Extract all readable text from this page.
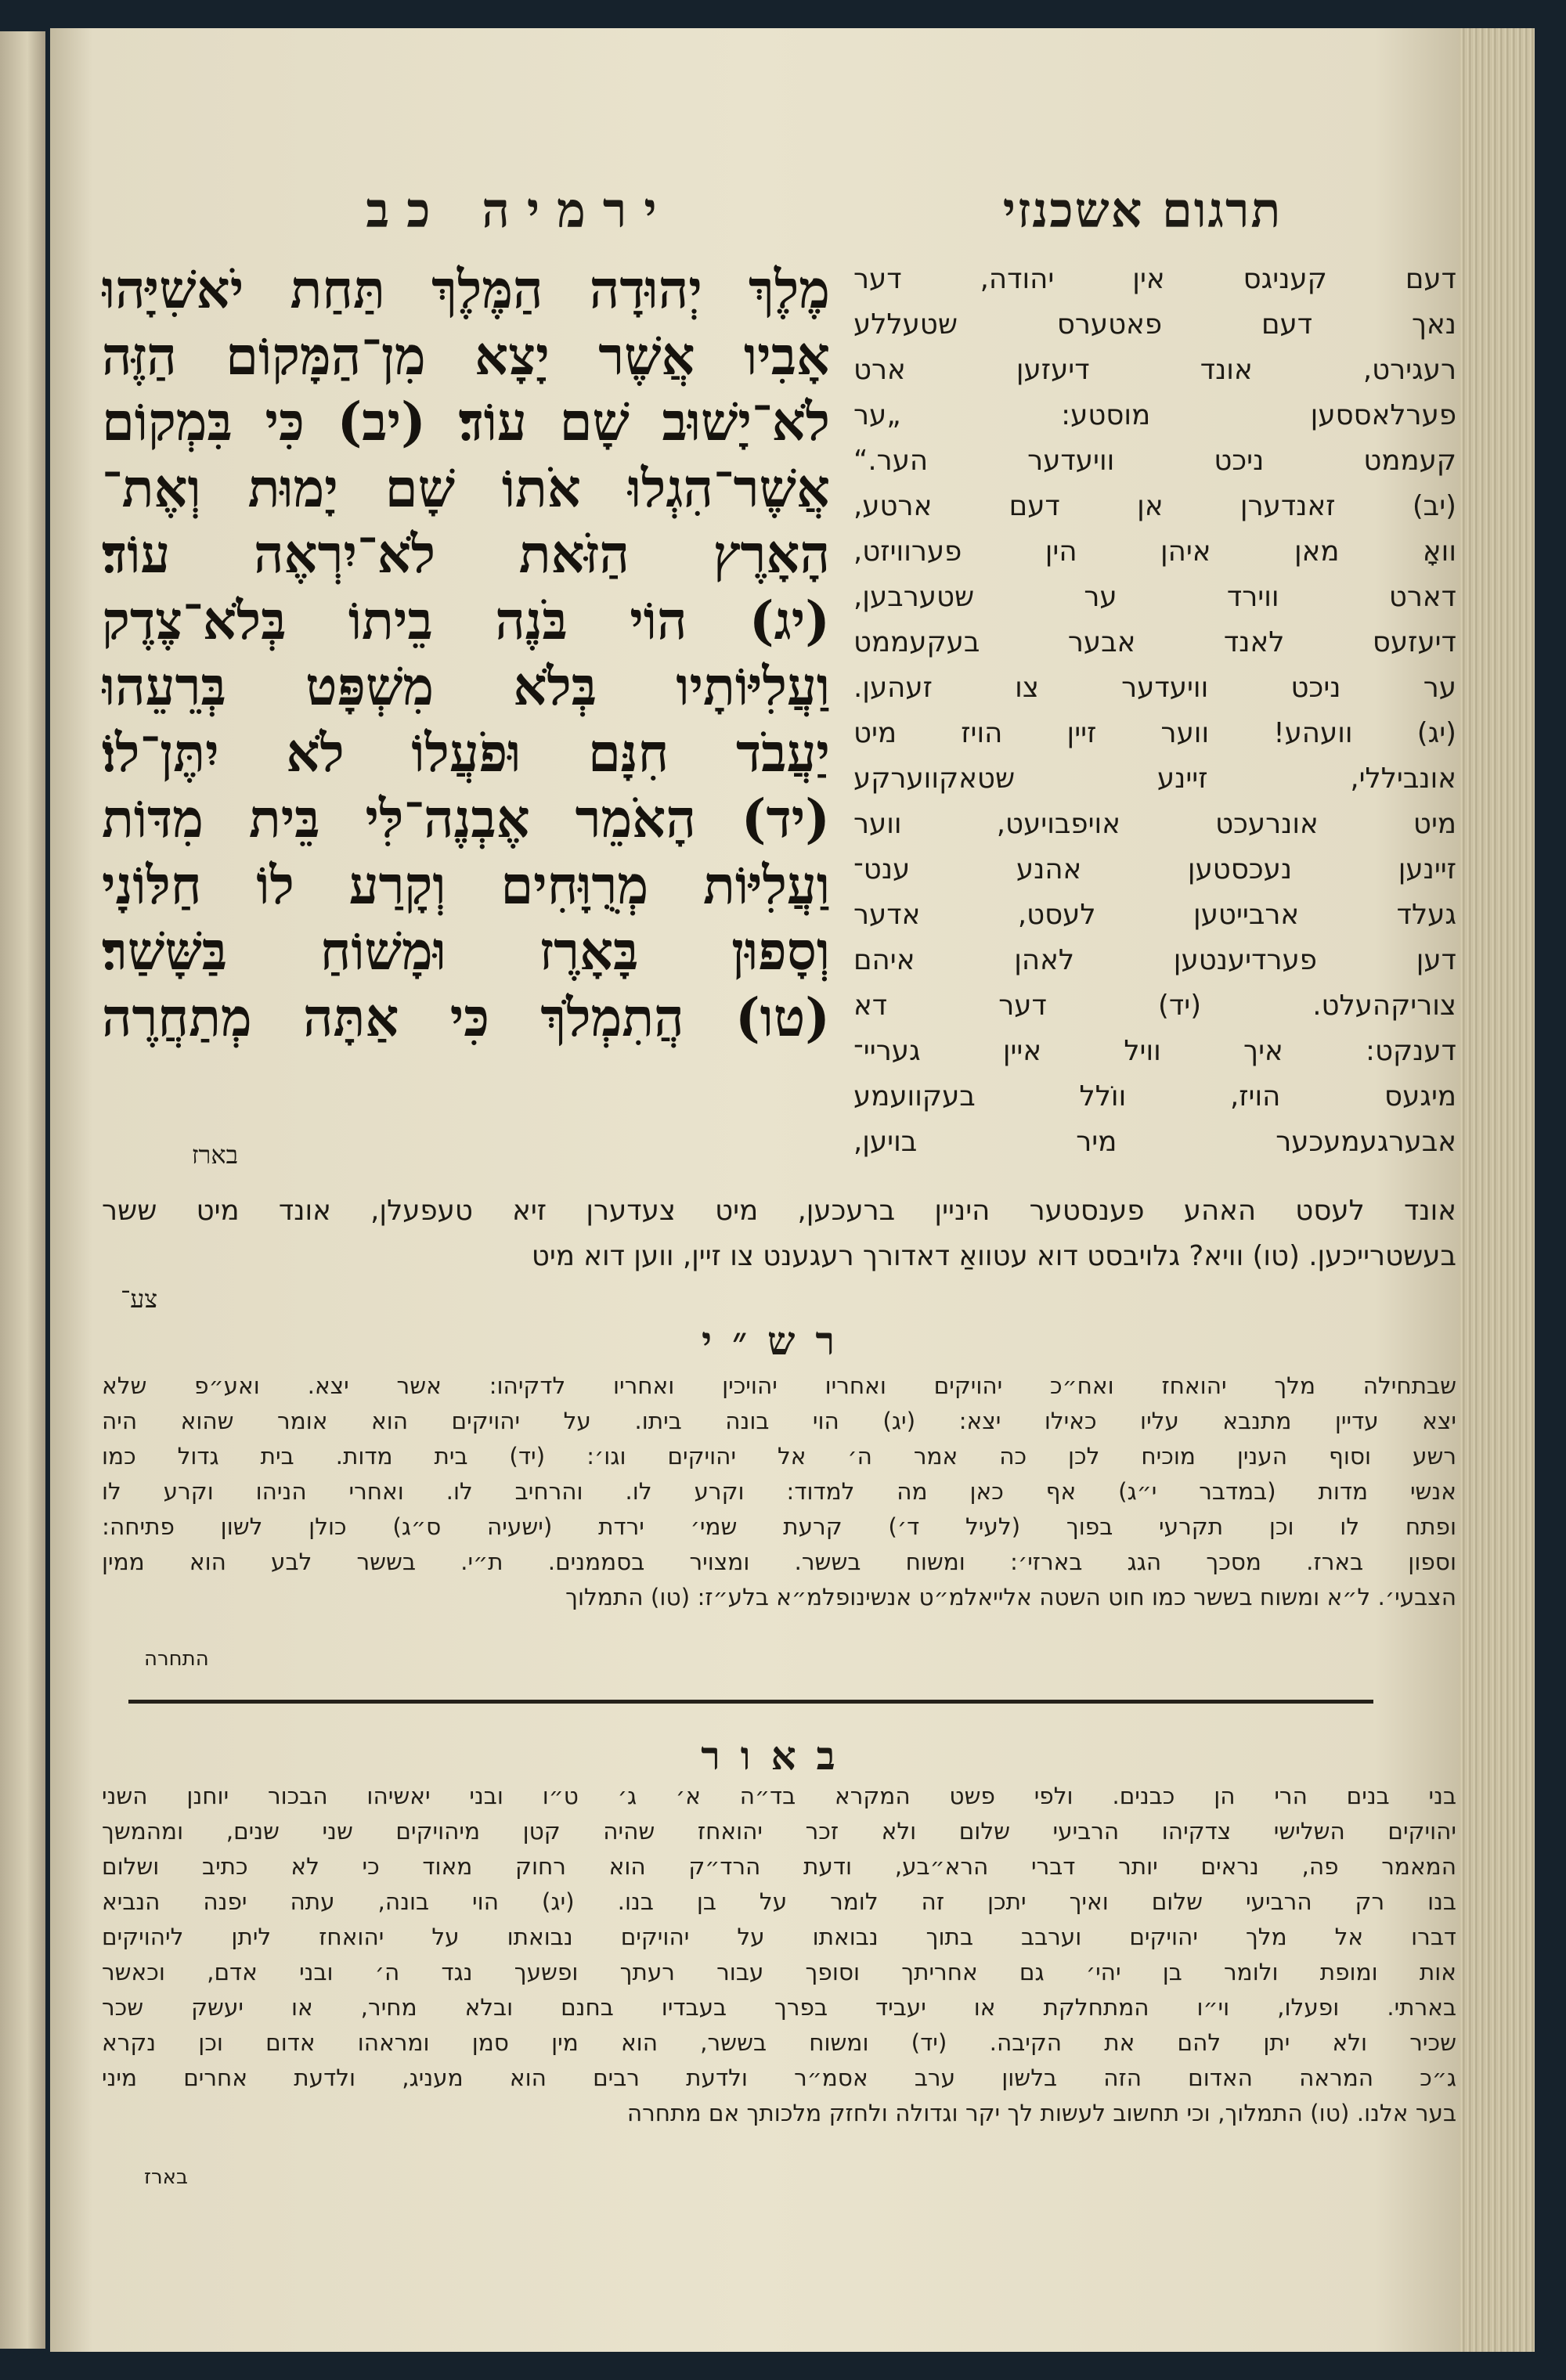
ירמיה כב	תרגום אשכנזי
מֶלֶךְ יְהוּדָה הַמֶּלֶךְ תַּחַת יֹאשִׁיָּהוּ
אָבִיו אֲשֶׁר יָצָא מִן־הַמָּקוֹם הַזֶּה
לֹא־יָשׁוּב שָׁם עוֹד׃ (יב) כִּי בִּמְקוֹם
אֲשֶׁר־הִגְלוּ אֹתוֹ שָׁם יָמוּת וְאֶת־
הָאָרֶץ הַזֹּאת לֹא־יִרְאֶה עוֹד׃
(יג) הוֹי בֹּנֶה בֵיתוֹ בְּלֹא־צֶדֶק
וַעֲלִיּוֹתָיו בְּלֹא מִשְׁפָּט בְּרֵעֵהוּ
יַעֲבֹד חִנָּם וּפֹעֲלוֹ לֹא יִתֶּן־לוֹ׃
(יד) הָאֹמֵר אֶבְנֶה־לִּי בֵּית מִדּוֹת
וַעֲלִיּוֹת מְרֻוָּחִים וְקָרַע לוֹ חַלּוֹנָי
וְסָפוּן בָּאָרֶז וּמָשׁוֹחַ בַּשָּׁשַׁר׃
(טו) הֲתִמְלֹךְ כִּי אַתָּה מְתַחֲרֶה
בארז
דעם קעניגס אין יהודה, דער
נאך דעם פאטערס שטעללע
רעגירט, אונד דיעזען ארט
פערלאססען מוסטע: „ער
קעממט ניכט וויעדער הער.“
(יב) זאנדערן אן דעם ארטע,
וואָ מאן איהן הין פערוויזט,
דארט ווירד ער שטערבען,
דיעזעס לאנד אבער בעקעממט
ער ניכט וויעדער צו זעהען.
(יג) וועהע! ווער זיין הויז מיט
אונביללי, זיינע שטאקווערקע
מיט אונרעכט אויפבויעט, ווער
זיינען נעכסטען אהנע ענט־
געלד ארבייטען לעסט, אדער
דען פערדיענטען לאהן איהם
צוריקהעלט. (יד) דער דא
דענקט: איך וויל איין געריי־
מיגעס הויז, ווֹלל בעקוועמע
אבערגעמעכער מיר בויען,
אונד לעסט האהע פענסטער היניין ברעכען, מיט צעדערן זיא טעפעלן, אונד מיט ששר
בעשטרייכען. (טו) וויא? גלויבסט דוא עטוואַ דאדורך רעגענט צו זיין, ווען דוא מיט
צע־
רש״י
שבתחילה מלך יהואחז ואח״כ יהויקים ואחריו יהויכין ואחריו לדקיהו: אשר יצא. ואע״פ שלא
יצא עדיין מתנבא עליו כאילו יצא: (יג) הוי בונה ביתו. על יהויקים הוא אומר שהוא היה
רשע וסוף הענין מוכיח לכן כה אמר ה׳ אל יהויקים וגו׳: (יד) בית מדות. בית גדול כמו
אנשי מדות (במדבר י״ג) אף כאן מה למדוד: וקרע לו. והרחיב לו. ואחרי הניהו וקרע לו
ופתח לו וכן תקרעי בפוך (לעיל ד׳) קרעת שמי׳ ירדת (ישעיה ס״ג) כולן לשון פתיחה:
וספון בארז. מסכך הגג בארזי׳: ומשוח בששר. ומצויר בסממנים. ת״י. בששר לבע הוא ממין
הצבעי׳. ל״א ומשוח בששר כמו חוט השטה אלייאלמ״ט אנשינופלמ״א בלע״ז: (טו) התמלוך
התחרה
באור
בני בנים הרי הן כבנים. ולפי פשט המקרא בד״ה א׳ ג׳ ט״ו ובני יאשיהו הבכור יוחנן השני
יהויקים השלישי צדקיהו הרביעי שלום ולא זכר יהואחז שהיה קטן מיהויקים שני שנים, ומהמשך
המאמר פה, נראים יותר דברי הרא״בע, ודעת הרד״ק הוא רחוק מאוד כי לא כתיב ושלום
בנו רק הרביעי שלום ואיך יתכן זה לומר על בן בנו. (יג) הוי בונה, עתה יפנה הנביא
דברו אל מלך יהויקים וערבב בתוך נבואתו על יהויקים נבואתו על יהואחז ליתן ליהויקים
אות ומופת ולומר בן יהי׳ גם אחריתך וסופך עבור רעתך ופשעך נגד ה׳ ובני אדם, וכאשר
בארתי. ופעלו, וי״ו המתחלקת או יעביד בפרך בעבדיו בחנם ובלא מחיר, או יעשק שכר
שכיר ולא יתן להם את הקיבה. (יד) ומשוח בששר, הוא מין סמן ומראהו אדום וכן נקרא
ג״כ המראה האדום הזה בלשון ערב אסמ״ר ולדעת רבים הוא מעניג, ולדעת אחרים מיני
בער אלנו. (טו) התמלוך, וכי תחשוב לעשות לך יקר וגדולה ולחזק מלכותך אם מתחרה
בארז
